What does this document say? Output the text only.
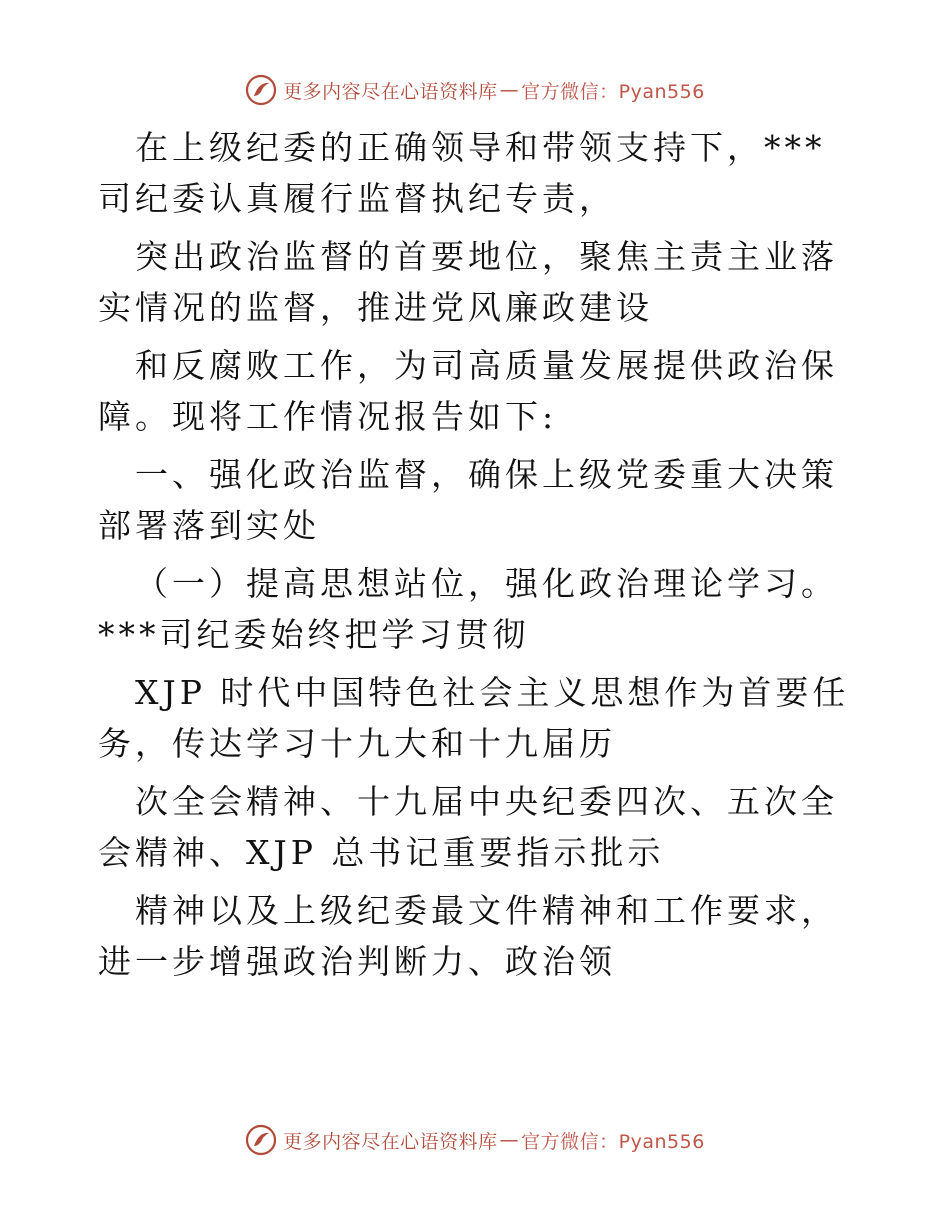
更多内容尽在心语资料库 — 官方微信：Pyan556

在上级纪委的正确领导和带领支持下，***司纪委认真履行监督执纪专责，

突出政治监督的首要地位，聚焦主责主业落实情况的监督，推进党风廉政建设

和反腐败工作，为司高质量发展提供政治保障。现将工作情况报告如下:

一、强化政治监督，确保上级党委重大决策部署落到实处

（一）提高思想站位，强化政治理论学习。***司纪委始终把学习贯彻

XJP 时代中国特色社会主义思想作为首要任务，传达学习十九大和十九届历

次全会精神、十九届中央纪委四次、五次全会精神、XJP 总书记重要指示批示

精神以及上级纪委最文件精神和工作要求，进一步增强政治判断力、政治领

更多内容尽在心语资料库 — 官方微信：Pyan556
